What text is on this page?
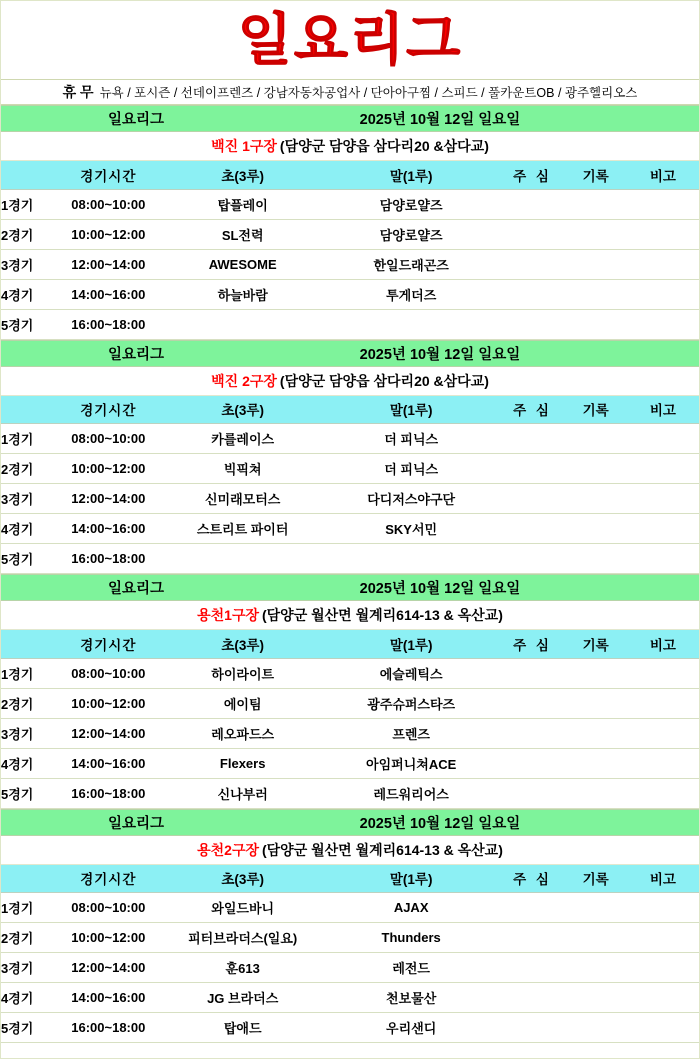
일요리그
휴 무 뉴욕 / 포시즌 / 선데이프렌즈 / 강남자동차공업사 / 단아아구찜 / 스피드 / 풀카운트OB / 광주헬리오스
일요리그	2025년 10월 12일 일요일
백진 1구장 (담양군 담양읍 삼다리20 &삼다교)
	경기시간	초(3루)	말(1루)	주 심	기록	비고
1경기	08:00~10:00	탑플레이	담양로얄즈			
2경기	10:00~12:00	SL전력	담양로얄즈			
3경기	12:00~14:00	AWESOME	한일드래곤즈			
4경기	14:00~16:00	하늘바람	투게더즈			
5경기	16:00~18:00					
일요리그	2025년 10월 12일 일요일
백진 2구장 (담양군 담양읍 삼다리20 &삼다교)
	경기시간	초(3루)	말(1루)	주 심	기록	비고
1경기	08:00~10:00	카를레이스	더 피닉스			
2경기	10:00~12:00	빅픽쳐	더 피닉스			
3경기	12:00~14:00	신미래모터스	다디저스야구단			
4경기	14:00~16:00	스트리트 파이터	SKY서민			
5경기	16:00~18:00					
일요리그	2025년 10월 12일 일요일
용천1구장 (담양군 월산면 월계리614-13 & 옥산교)
	경기시간	초(3루)	말(1루)	주 심	기록	비고
1경기	08:00~10:00	하이라이트	에슬레틱스			
2경기	10:00~12:00	에이팀	광주슈퍼스타즈			
3경기	12:00~14:00	레오파드스	프렌즈			
4경기	14:00~16:00	Flexers	아임퍼니쳐ACE			
5경기	16:00~18:00	신나부러	레드워리어스			
일요리그	2025년 10월 12일 일요일
용천2구장 (담양군 월산면 월계리614-13 & 옥산교)
	경기시간	초(3루)	말(1루)	주 심	기록	비고
1경기	08:00~10:00	와일드바니	AJAX			
2경기	10:00~12:00	피터브라더스(일요)	Thunders			
3경기	12:00~14:00	훈613	레전드			
4경기	14:00~16:00	JG 브라더스	천보물산			
5경기	16:00~18:00	탑애드	우리샌디			
